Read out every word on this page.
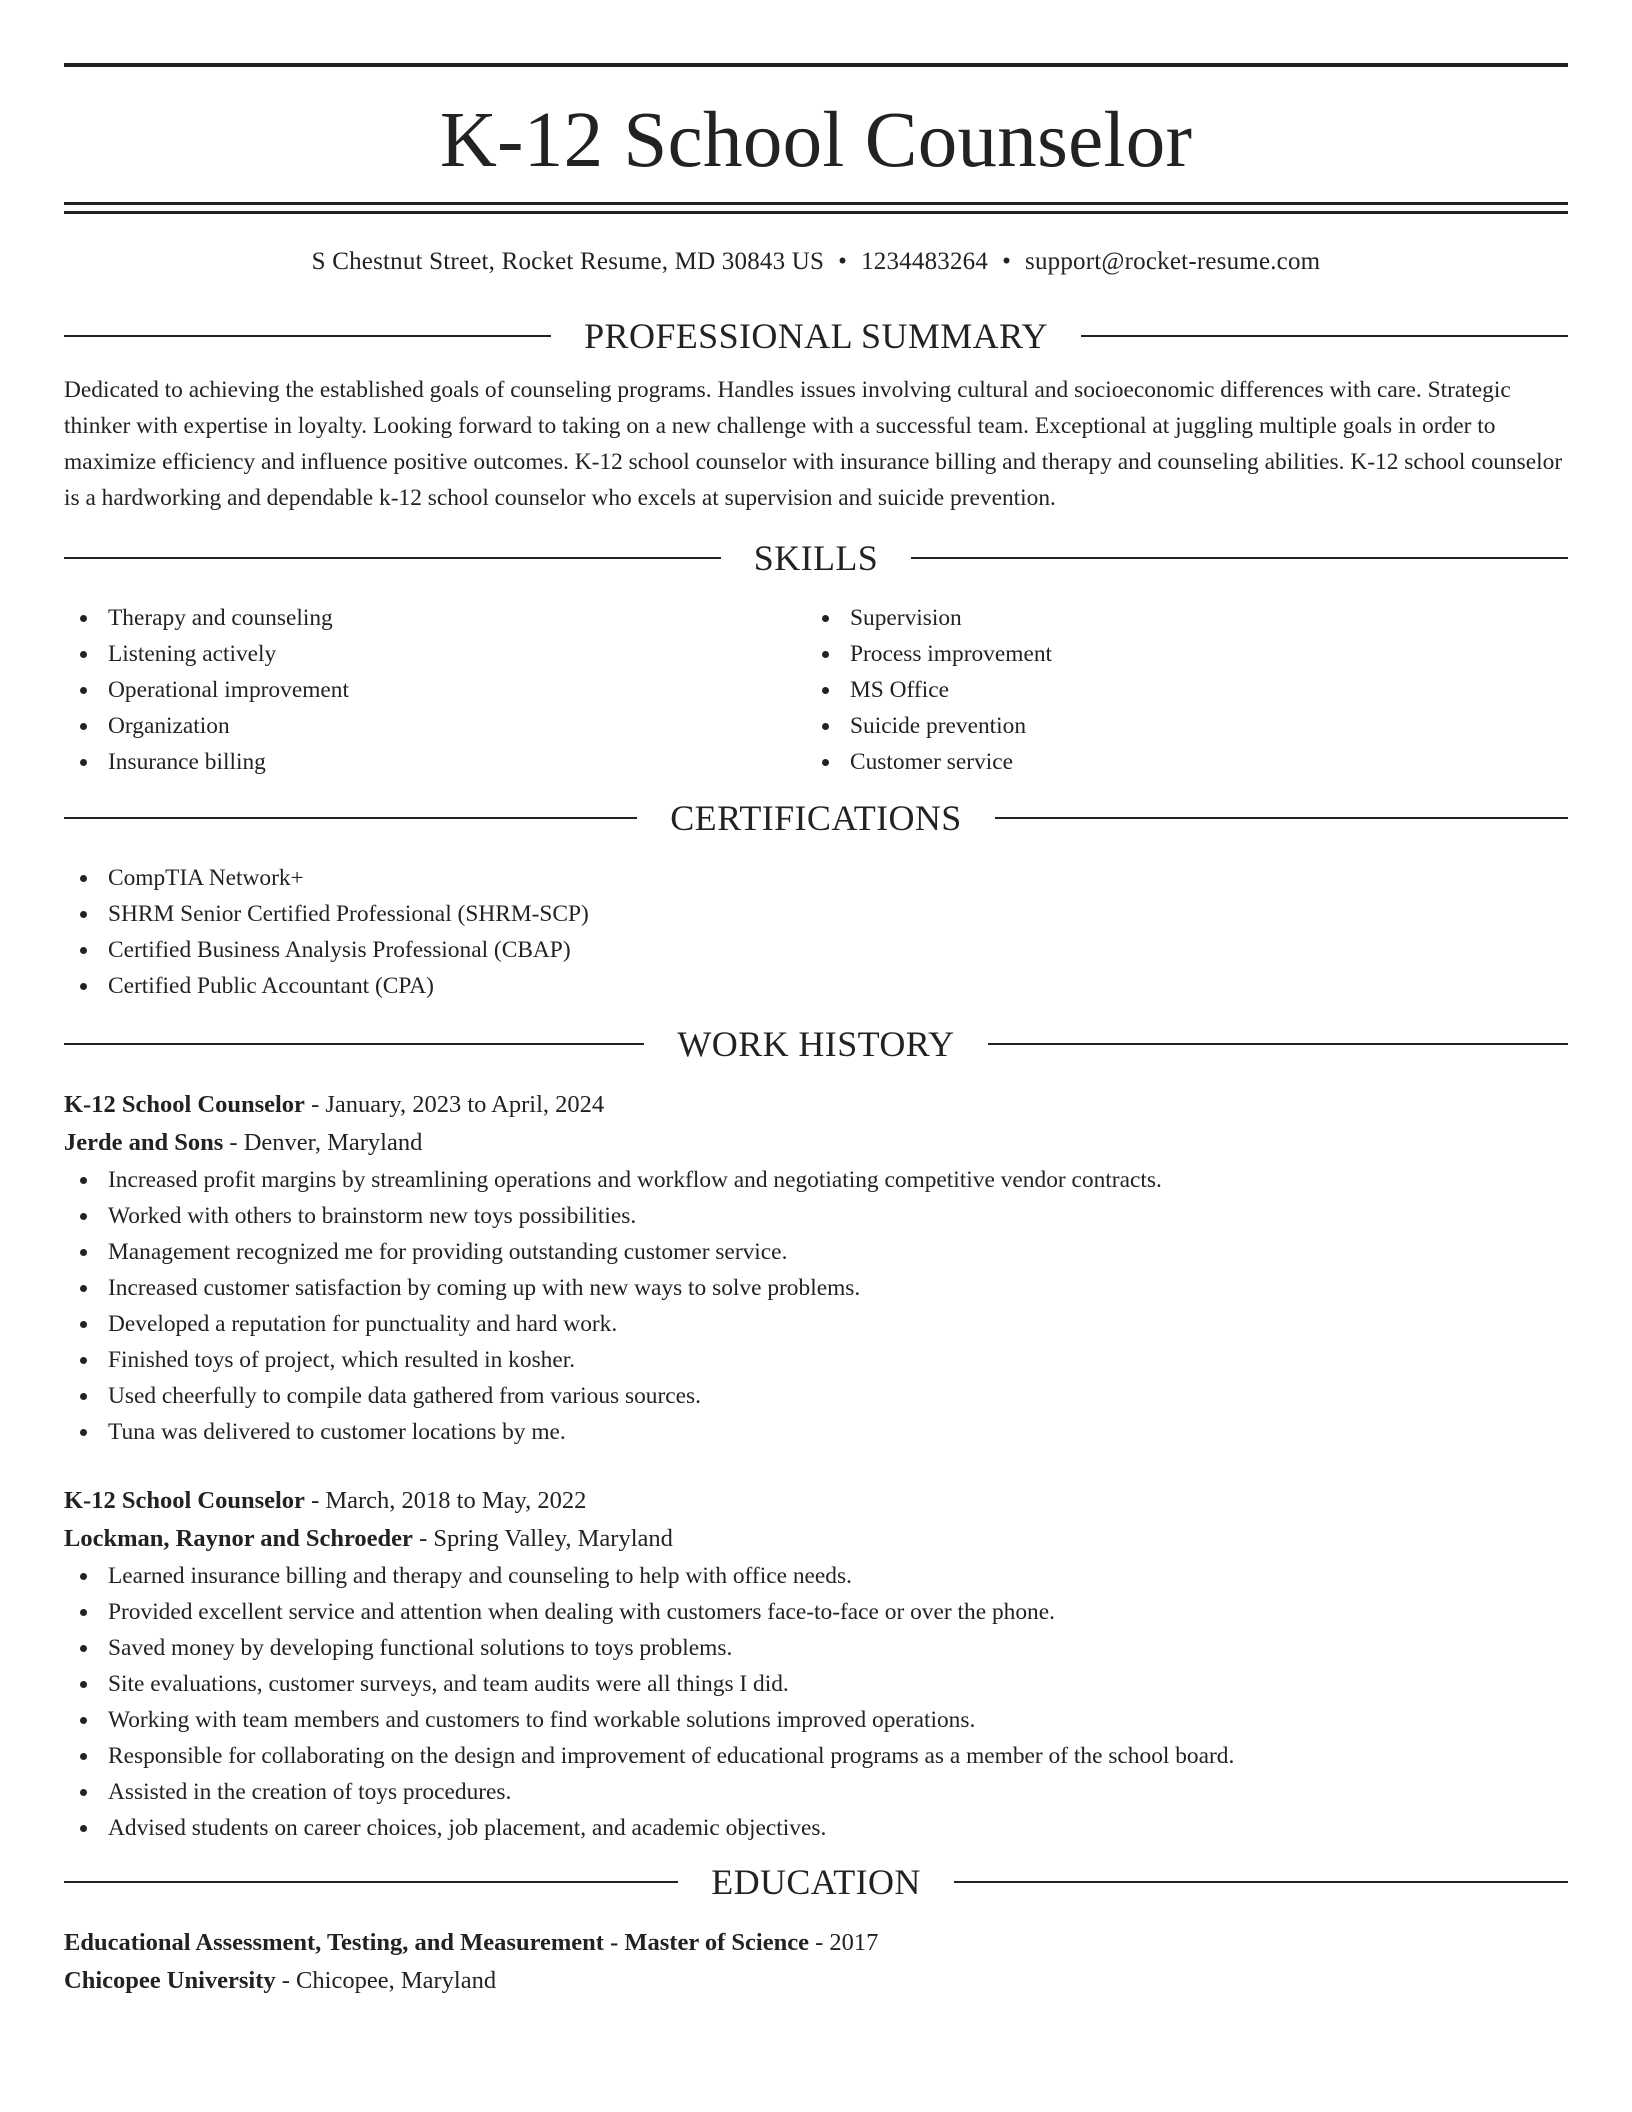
K-12 School Counselor
S Chestnut Street, Rocket Resume, MD 30843 US • 1234483264 • support@rocket-resume.com
PROFESSIONAL SUMMARY

Dedicated to achieving the established goals of counseling programs. Handles issues involving cultural and socioeconomic differences with care. Strategic thinker with expertise in loyalty. Looking forward to taking on a new challenge with a successful team. Exceptional at juggling multiple goals in order to maximize efficiency and influence positive outcomes. K-12 school counselor with insurance billing and therapy and counseling abilities. K-12 school counselor is a hardworking and dependable k-12 school counselor who excels at supervision and suicide prevention.

SKILLS
Therapy and counseling
Listening actively
Operational improvement
Organization
Insurance billing
Supervision
Process improvement
MS Office
Suicide prevention
Customer service
CERTIFICATIONS
CompTIA Network+
SHRM Senior Certified Professional (SHRM-SCP)
Certified Business Analysis Professional (CBAP)
Certified Public Accountant (CPA)
WORK HISTORY
K-12 School Counselor - January, 2023 to April, 2024
Jerde and Sons - Denver, Maryland
Increased profit margins by streamlining operations and workflow and negotiating competitive vendor contracts.
Worked with others to brainstorm new toys possibilities.
Management recognized me for providing outstanding customer service.
Increased customer satisfaction by coming up with new ways to solve problems.
Developed a reputation for punctuality and hard work.
Finished toys of project, which resulted in kosher.
Used cheerfully to compile data gathered from various sources.
Tuna was delivered to customer locations by me.
K-12 School Counselor - March, 2018 to May, 2022
Lockman, Raynor and Schroeder - Spring Valley, Maryland
Learned insurance billing and therapy and counseling to help with office needs.
Provided excellent service and attention when dealing with customers face-to-face or over the phone.
Saved money by developing functional solutions to toys problems.
Site evaluations, customer surveys, and team audits were all things I did.
Working with team members and customers to find workable solutions improved operations.
Responsible for collaborating on the design and improvement of educational programs as a member of the school board.
Assisted in the creation of toys procedures.
Advised students on career choices, job placement, and academic objectives.
EDUCATION
Educational Assessment, Testing, and Measurement - Master of Science - 2017
Chicopee University - Chicopee, Maryland
